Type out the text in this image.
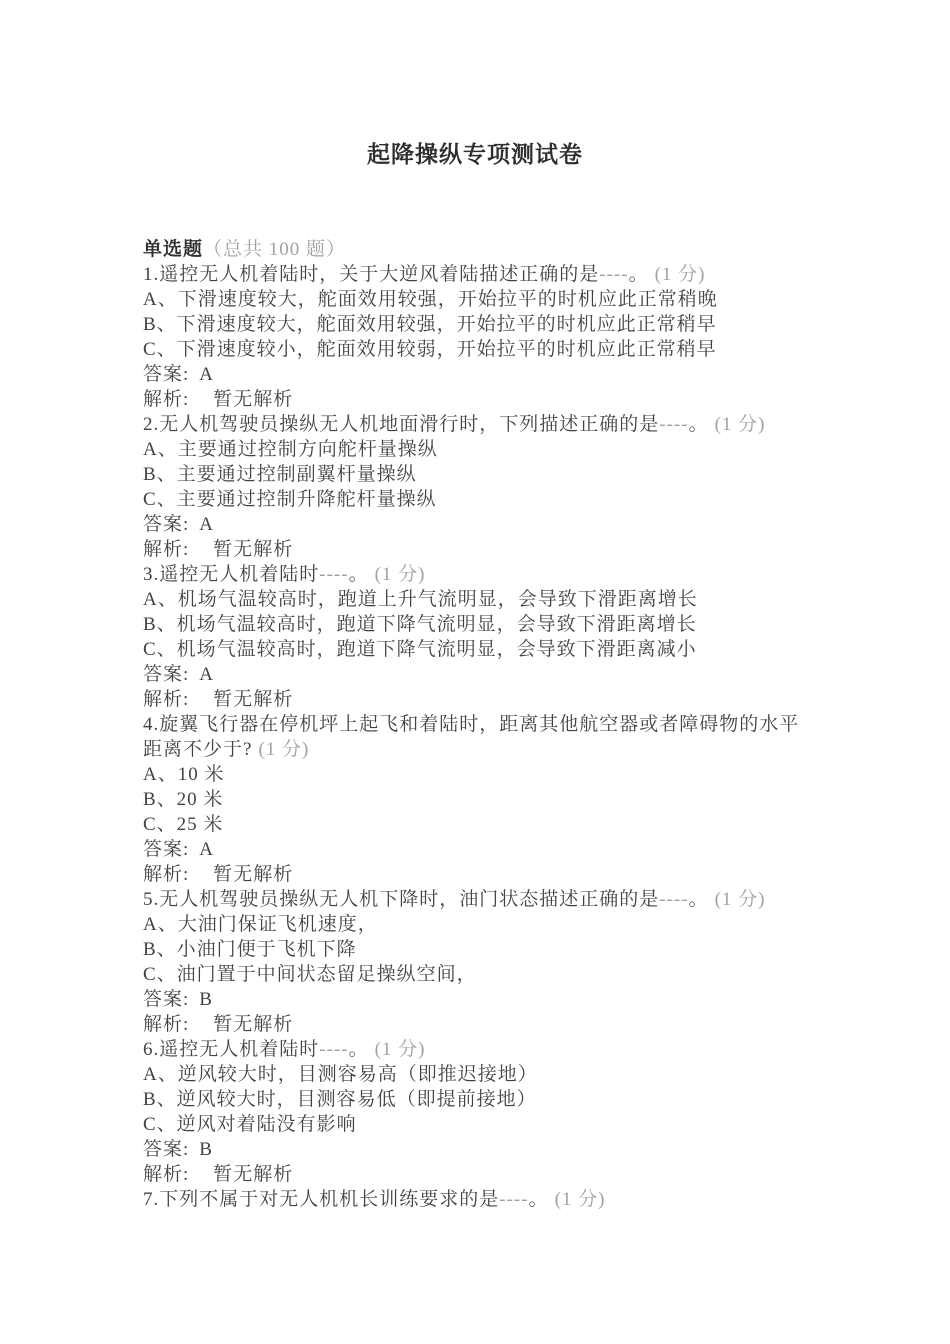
起降操纵专项测试卷
单选题（总共 100 题）
1.遥控无人机着陆时，关于大逆风着陆描述正确的是----。 (1 分)
A、下滑速度较大，舵面效用较强，开始拉平的时机应此正常稍晚
B、下滑速度较大，舵面效用较强，开始拉平的时机应此正常稍早
C、下滑速度较小，舵面效用较弱，开始拉平的时机应此正常稍早
答案: A
解析: 暂无解析
2.无人机驾驶员操纵无人机地面滑行时，下列描述正确的是----。 (1 分)
A、主要通过控制方向舵杆量操纵
B、主要通过控制副翼杆量操纵
C、主要通过控制升降舵杆量操纵
答案: A
解析: 暂无解析
3.遥控无人机着陆时----。 (1 分)
A、机场气温较高时，跑道上升气流明显，会导致下滑距离增长
B、机场气温较高时，跑道下降气流明显，会导致下滑距离增长
C、机场气温较高时，跑道下降气流明显，会导致下滑距离减小
答案: A
解析: 暂无解析
4.旋翼飞行器在停机坪上起飞和着陆时，距离其他航空器或者障碍物的水平距离不少于? (1 分)
A、10 米
B、20 米
C、25 米
答案: A
解析: 暂无解析
5.无人机驾驶员操纵无人机下降时，油门状态描述正确的是----。 (1 分)
A、大油门保证飞机速度，
B、小油门便于飞机下降
C、油门置于中间状态留足操纵空间，
答案: B
解析: 暂无解析
6.遥控无人机着陆时----。 (1 分)
A、逆风较大时，目测容易高（即推迟接地）
B、逆风较大时，目测容易低（即提前接地）
C、逆风对着陆没有影响
答案: B
解析: 暂无解析
7.下列不属于对无人机机长训练要求的是----。 (1 分)
